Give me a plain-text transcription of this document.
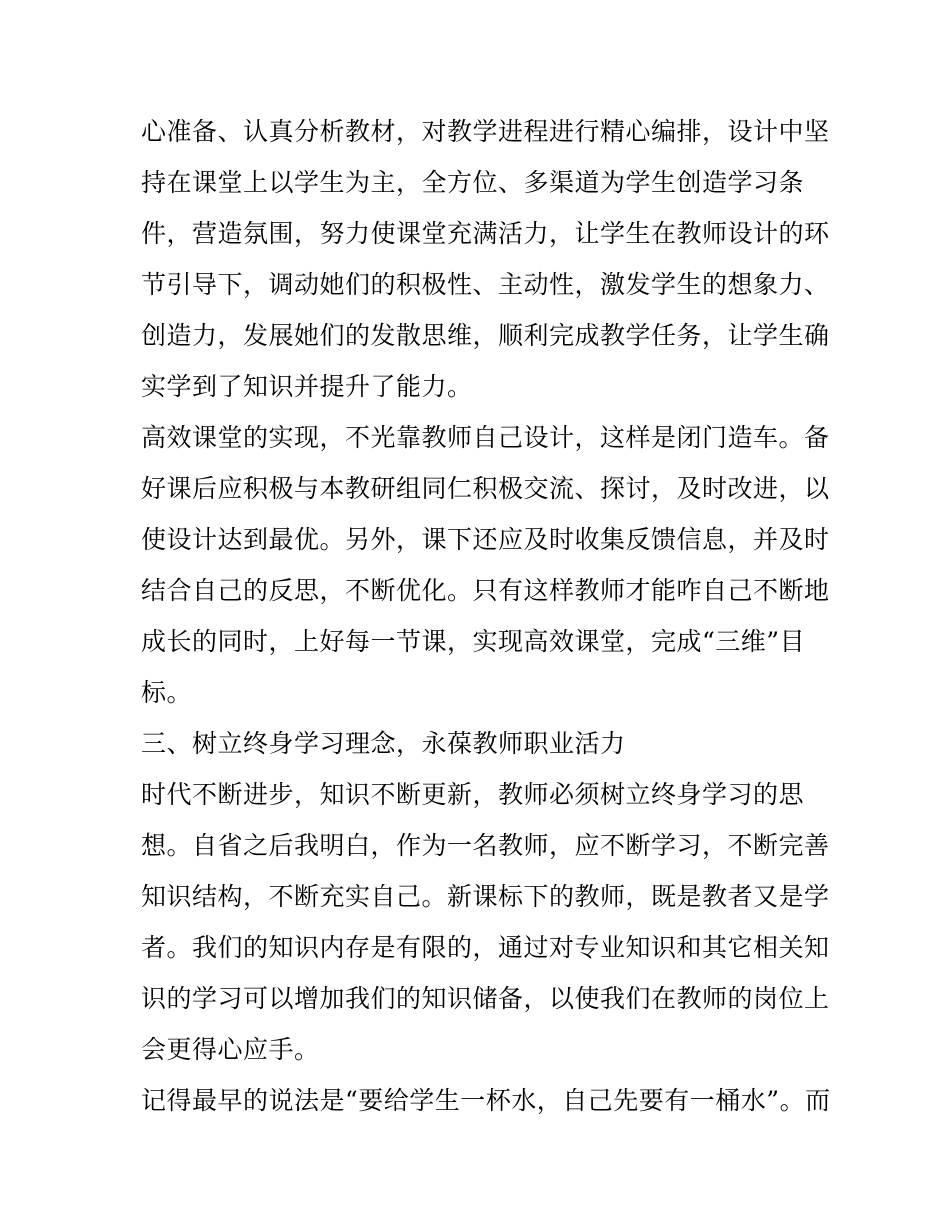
心准备、认真分析教材，对教学进程进行精心编排，设计中坚
持在课堂上以学生为主，全方位、多渠道为学生创造学习条
件，营造氛围，努力使课堂充满活力，让学生在教师设计的环
节引导下，调动她们的积极性、主动性，激发学生的想象力、
创造力，发展她们的发散思维，顺利完成教学任务，让学生确
实学到了知识并提升了能力。
高效课堂的实现，不光靠教师自己设计，这样是闭门造车。备
好课后应积极与本教研组同仁积极交流、探讨，及时改进，以
使设计达到最优。另外，课下还应及时收集反馈信息，并及时
结合自己的反思，不断优化。只有这样教师才能咋自己不断地
成长的同时，上好每一节课，实现高效课堂，完成“三维”目
标。
三、树立终身学习理念，永葆教师职业活力
时代不断进步，知识不断更新，教师必须树立终身学习的思
想。自省之后我明白，作为一名教师，应不断学习，不断完善
知识结构，不断充实自己。新课标下的教师，既是教者又是学
者。我们的知识内存是有限的，通过对专业知识和其它相关知
识的学习可以增加我们的知识储备，以使我们在教师的岗位上
会更得心应手。
记得最早的说法是“要给学生一杯水，自己先要有一桶水”。而
